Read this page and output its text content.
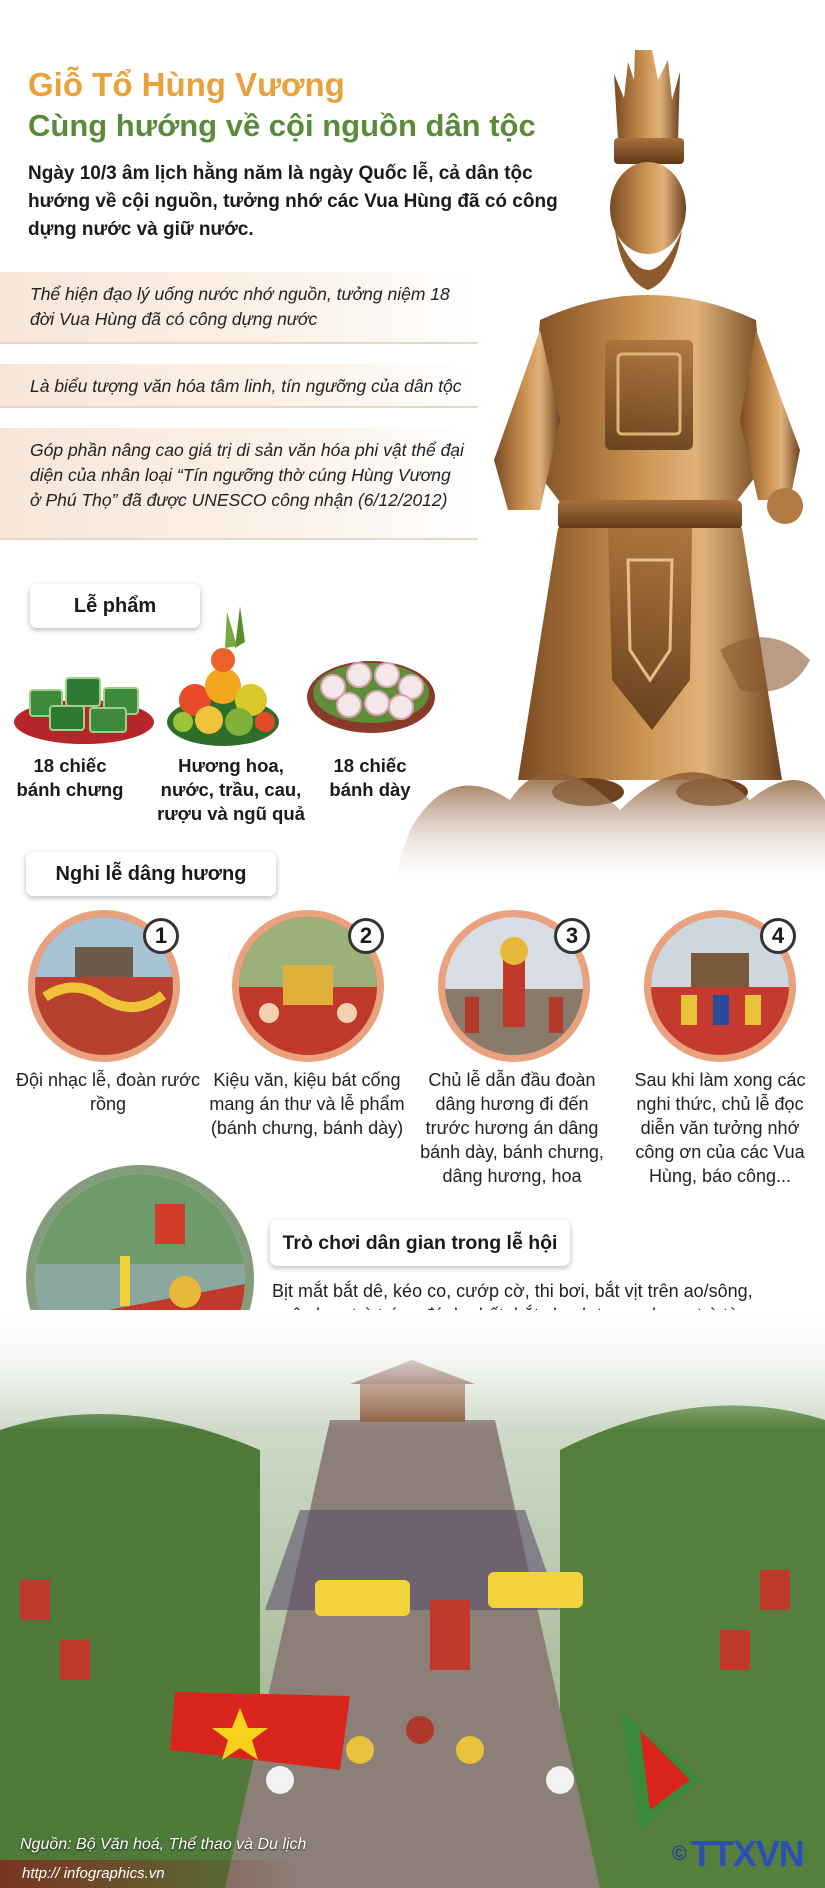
Giỗ Tổ Hùng Vương
Cùng hướng về cội nguồn dân tộc
Ngày 10/3 âm lịch hằng năm là ngày Quốc lễ, cả dân tộc hướng về cội nguồn, tưởng nhớ các Vua Hùng đã có công dựng nước và giữ nước.
Thể hiện đạo lý uống nước nhớ nguồn, tưởng niệm 18 đời Vua Hùng đã có công dựng nước
Là biểu tượng văn hóa tâm linh, tín ngưỡng của dân tộc
Góp phần nâng cao giá trị di sản văn hóa phi vật thể đại diện của nhân loại “Tín ngưỡng thờ cúng Hùng Vương ở Phú Thọ” đã được UNESCO công nhận (6/12/2012)
Lễ phẩm
18 chiếc
bánh chưng
Hương hoa,
nước, trầu, cau,
rượu và ngũ quả
18 chiếc
bánh dày
Nghi lễ dâng hương
1	2	3	4
Đội nhạc lễ, đoàn rước rồng
Kiệu văn, kiệu bát cống mang án thư và lễ phẩm (bánh chưng, bánh dày)
Chủ lễ dẫn đầu đoàn dâng hương đi đến trước hương án dâng bánh dày, bánh chưng, dâng hương, hoa
Sau khi làm xong các nghi thức, chủ lễ đọc diễn văn tưởng nhớ công ơn của các Vua Hùng, báo công...
Trò chơi dân gian trong lễ hội
Bịt mắt bắt dê, kéo co, cướp cờ, thi bơi, bắt vịt trên ao/sông,
Nguồn: Bộ Văn hoá, Thể thao và Du lịch
http:// infographics.vn
© TTXVN
